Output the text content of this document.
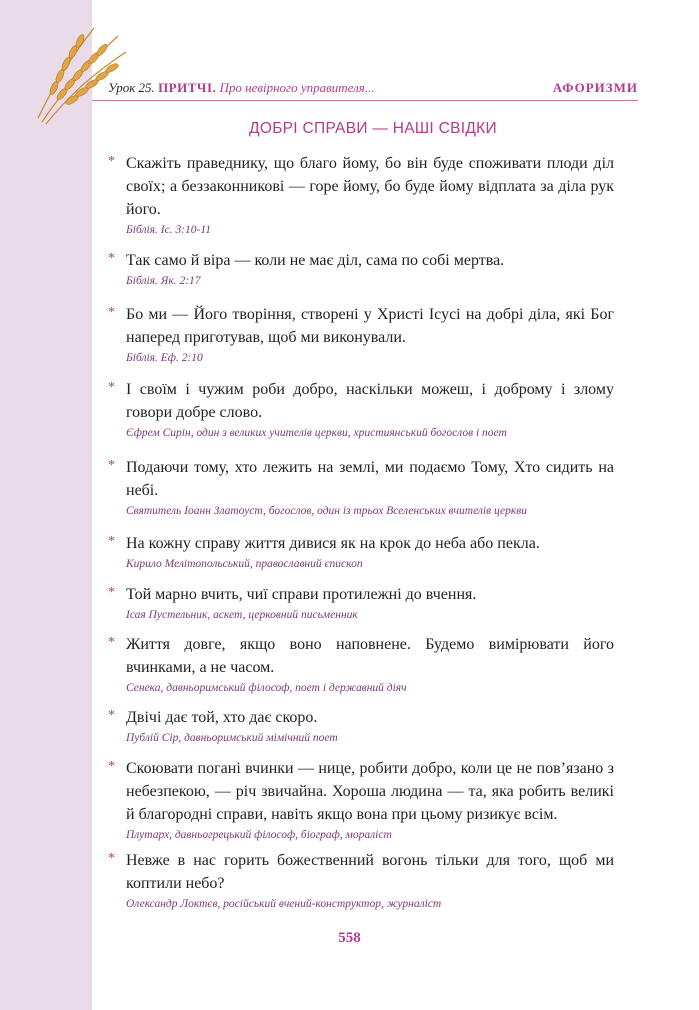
Урок 25. ПРИТЧІ. Про невірного управителя...	АФОРИЗМИ
ДОБРІ СПРАВИ — НАШІ СВІДКИ
* Скажіть праведнику, що благо йому, бо він буде споживати плоди діл своїх; а беззаконникові — горе йому, бо буде йому відплата за діла рук його.
Біблія. Іс. 3:10-11
* Так само й віра — коли не має діл, сама по собі мертва.
Біблія. Як. 2:17
* Бо ми — Його творіння, створені у Христі Ісусі на добрі діла, які Бог наперед приготував, щоб ми виконували.
Біблія. Еф. 2:10
* І своїм і чужим роби добро, наскільки можеш, і доброму і злому говори добре слово.
Єфрем Сирін, один з великих учителів церкви, християнський богослов і поет
* Подаючи тому, хто лежить на землі, ми подаємо Тому, Хто сидить на небі.
Святитель Іоанн Златоуст, богослов, один із трьох Вселенських вчителів церкви
* На кожну справу життя дивися як на крок до неба або пекла.
Кирило Мелітопольський, православний єпископ
* Той марно вчить, чиї справи протилежні до вчення.
Ісая Пустельник, аскет, церковний письменник
* Життя довге, якщо воно наповнене. Будемо вимірювати його вчинками, а не часом.
Сенека, давньоримський філософ, поет і державний діяч
* Двічі дає той, хто дає скоро.
Публій Сір, давньоримський мімічний поет
* Скоювати погані вчинки — нице, робити добро, коли це не пов’язано з небезпекою, — річ звичайна. Хороша людина — та, яка робить великі й благородні справи, навіть якщо вона при цьому ризикує всім.
Плутарх, давньогрецький філософ, біограф, мораліст
* Невже в нас горить божественний вогонь тільки для того, щоб ми коптили небо?
Олександр Локтєв, російський вчений-конструктор, журналіст
558
